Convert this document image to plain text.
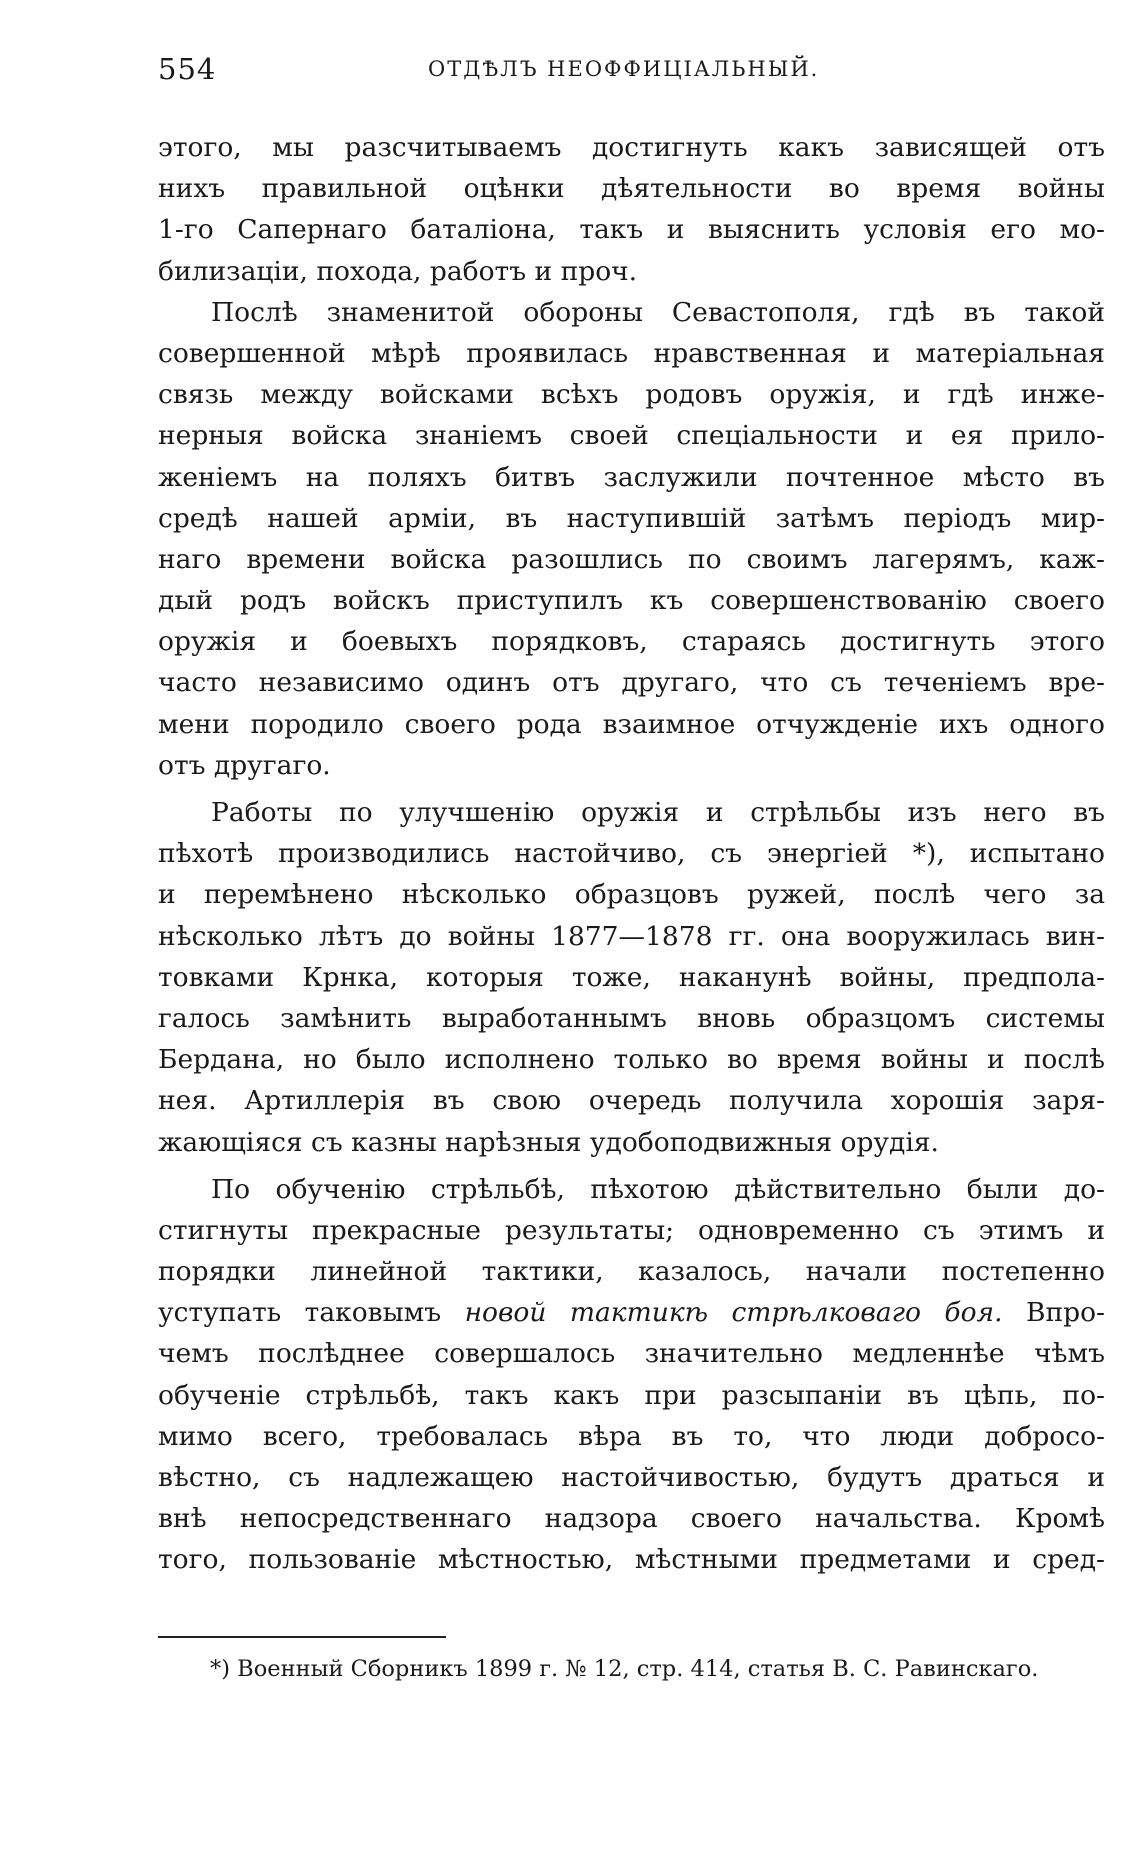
554	ОТДѢЛЪ НЕОФФИЦІАЛЬНЫЙ.
этого, мы разсчитываемъ достигнуть какъ зависящей отъ
нихъ правильной оцѣнки дѣятельности во время войны
1-го Сапернаго баталіона, такъ и выяснить условія его мо-
билизаціи, похода, работъ и проч.
Послѣ знаменитой обороны Севастополя, гдѣ въ такой
совершенной мѣрѣ проявилась нравственная и матеріальная
связь между войсками всѣхъ родовъ оружія, и гдѣ инже-
нерныя войска знаніемъ своей спеціальности и ея прило-
женіемъ на поляхъ битвъ заслужили почтенное мѣсто въ
средѣ нашей арміи, въ наступившій затѣмъ періодъ мир-
наго времени войска разошлись по своимъ лагерямъ, каж-
дый родъ войскъ приступилъ къ совершенствованію своего
оружія и боевыхъ порядковъ, стараясь достигнуть этого
часто независимо одинъ отъ другаго, что съ теченіемъ вре-
мени породило своего рода взаимное отчужденіе ихъ одного
отъ другаго.
Работы по улучшенію оружія и стрѣльбы изъ него въ
пѣхотѣ производились настойчиво, съ энергіей *), испытано
и перемѣнено нѣсколько образцовъ ружей, послѣ чего за
нѣсколько лѣтъ до войны 1877—1878 гг. она вооружилась вин-
товками Крнка, которыя тоже, наканунѣ войны, предпола-
галось замѣнить выработаннымъ вновь образцомъ системы
Бердана, но было исполнено только во время войны и послѣ
нея. Артиллерія въ свою очередь получила хорошія заря-
жающіяся съ казны нарѣзныя удобоподвижныя орудія.
По обученію стрѣльбѣ, пѣхотою дѣйствительно были до-
стигнуты прекрасные результаты; одновременно съ этимъ и
порядки линейной тактики, казалось, начали постепенно
уступать таковымъ новой тактикѣ стрѣлковаго боя. Впро-
чемъ послѣднее совершалось значительно медленнѣе чѣмъ
обученіе стрѣльбѣ, такъ какъ при разсыпаніи въ цѣпь, по-
мимо всего, требовалась вѣра въ то, что люди добросо-
вѣстно, съ надлежащею настойчивостью, будутъ драться и
внѣ непосредственнаго надзора своего начальства. Кромѣ
того, пользованіе мѣстностью, мѣстными предметами и сред-
*) Военный Сборникъ 1899 г. № 12, стр. 414, статья В. С. Равинскаго.
